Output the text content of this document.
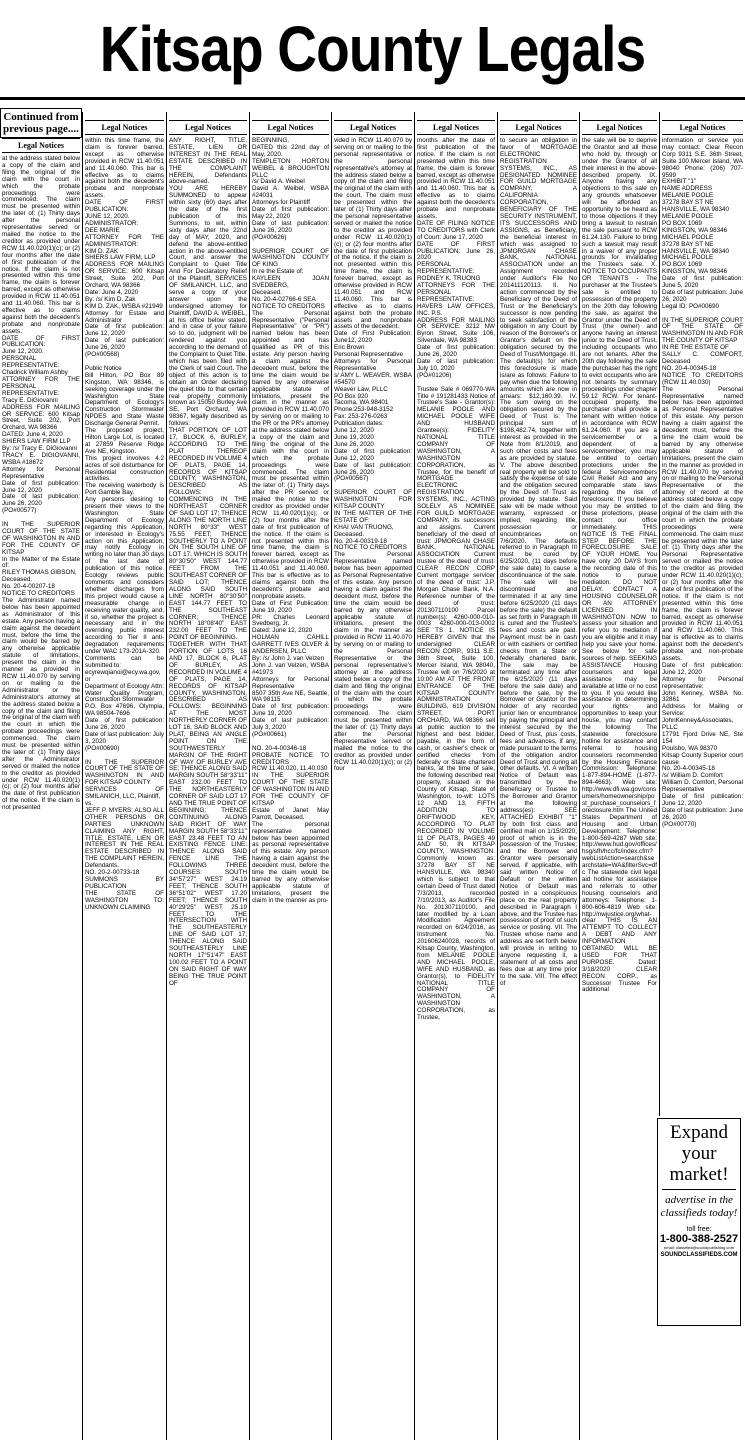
Kitsap County Legals
Legal Notices
at the address stated below a copy of the claim and filing the original of the claim with the court in which the probate proceedings were commenced. The claim must be presented within the later of: (1) Thirty days after the personal representative served or mailed the notice to the creditor as provided under RCW 11.40.020(1)(c); or (2) four months after the date of first publication of the notice. If the claim is not presented within this time frame, the claim is forever barred, except as otherwise provided in RCW 11.40.051 and 11.40.060. This bar is effective as to claims against both the decedent's probate and nonprobate assets.
DATE OF FIRST PUBLICATION:
June 12, 2020.
PERSONAL REPRESENTATIVE:
Chadrick William Ashby
ATTORNEY FOR THE PERSONAL REPRESENTATIVE:
Tracy E. DiGiovanni
ADDRESS FOR MAILING OR SERVICE: 600 Kitsap Street, Suite 202, Port Orchard, WA 98366
DATED: June 4, 2020
SHIERS LAW FIRM LLP
By: /s/ Tracy E. DiGiovanni
TRACY E. DIGIOVANNI, WSBA #18672
Attorney for Personal Representative
Date of first publication: June 12, 2020
Date of last publication: June 26, 2020
(PO#00577)

IN THE SUPERIOR COURT OF THE STATE OF WASHINGTON IN AND FOR THE COUNTY OF KITSAP
In the Matter of the Estate of:
RILEY THOMAS GIBSON,
Deceased.
No. 20-4-00207-18
NOTICE TO CREDITORS
The Administrator named below has been appointed as Administrator of this estate. Any person having a claim against the decedent must, before the time the claim would be barred by any otherwise applicable statute of limitations, present the claim in the manner as provided in RCW 11.40.070 by serving on or mailing to the Administrator or the Administrator's attorney at the address stated below a copy of the claim and filing the original of the claim with the court in which the probate proceedings were commenced. The claim must be presented within the later of: (1) Thirty days after the Administrator served or mailed the notice to the creditor as provided under RCW 11.40.020(1)(c); or (2) four months after the date of first publication of the notice. If the claim is not presented
Legal Notices
within this time frame, the claim is forever barred, except as otherwise provided in RCW 11.40.051 and 11.40.060. This bar is effective as to claims against both the decedent's probate and nonprobate assets.
DATE OF FIRST PUBLICATION:
JUNE 12, 2020.
ADMINISTRATOR:
DEE MARIE
ATTORNEY FOR THE ADMINISTRATOR:
KIM D. ZAK
SHIERS LAW FIRM, LLP
ADDRESS FOR MAILING OR SERVICE: 600 Kitsap Street, Suite 202, Port Orchard, WA 98366
Date: June 4, 2020
By: /s/ Kim D. Zak
KIM D. ZAK, WSBA #21949
Attorney for Estate and Administrator
Date of first publication: June 12, 2020
Date of last publication: June 26, 2020
(PO#00568)

Public Notice
Bill Hilton, PO Box 89 Kingston, WA 98346, is seeking coverage under the Washington State Department of Ecology's Construction Stormwater NPDES and State Waste Discharge General Permit.
The proposed project, Hilton Large Lot, is located at 27859 Reserve Ridge Ave NE, Kingston.
This project involves 4.2 acres of soil disturbance for Residential construction activities.
The receiving waterbody is Port Gamble Bay.
Any persons desiring to present their views to the Washington State Department of Ecology regarding this Application, or interested in Ecology's action on this Application, may notify Ecology in writing no later than 30 days of the last date of publication of this notice. Ecology reviews public comments and considers whether discharges from this project would cause a measurable change in receiving water quality, and, if so, whether the project is necessary and in the overriding public interest according to Tier II anti-degradation requirements under WAC 173-201A-320.
Comments can be submitted to:
ecyrewqianoi@ecy.wa.gov, or
Department of Ecology Attn: Water Quality Program, Construction Stormwater
P.O. Box 47696, Olympia, WA 98504-7696
Date of first publication: June 26, 2020
Date of last publication: July 3, 2020
(PO#00690)

IN THE SUPERIOR COURT OF THE STATE OF WASHINGTON IN AND FOR KITSAP COUNTY
SERVICES OF SMILANICH, LLC, Plaintiff,
vs.
JEFF P. MYERS; ALSO ALL OTHER PERSONS OR PARTIES UNKNOWN CLAIMING ANY RIGHT, TITLE, ESTATE, LIEN OR INTEREST IN THE REAL ESTATE DESCRIBED IN THE COMPLAINT HEREIN, Defendants.
NO. 20-2-00733-18
SUMMONS BY PUBLICATION
THE STATE OF WASHINGTON TO: UNKNOWN CLAIMING
Legal Notices
ANY RIGHT, TITLE, ESTATE, LIEN OR INTEREST IN THE REAL ESTATE DESCRIBED IN THE COMPLAINT HEREIN, Defendants above-named.
YOU ARE HEREBY SUMMONED to appear within sixty (60) days after the date of the first publication of this Summons, to wit, within sixty days after the 22nd day of MAY, 2020, and defend the above-entitled action in the above-entitled Court, and answer the Complaint to Quiet Title And For Declaratory Relief of the Plaintiff, SERVICES OF SMILANICH, LLC, and serve a copy of your answer upon the undersigned attorney for Plaintiff, DAVID A. WEIBEL, at his office below stated; and in case of your failure so to do, judgment will be rendered against you according to the demand of the Complaint to Quiet Title, which has been filed with the Clerk of said Court. The object of this action is to obtain an Order declaring the quiet title to that certain real property commonly known as 15050 Burley Ave SE, Port Orchard, WA 98367, legally described as follows:
THAT PORTION OF LOT 17, BLOCK 6, BURLEY, ACCORDING TO THE PLAT THEREOF RECORDED IN VOLUME 4 OF PLATS, PAGE 14, RECORDS OF KITSAP COUNTY, WASHINGTON, DESCRIBED AS FOLLOWS: COMMENCING IN THE NORTHEAST CORNER OF SAID LOT 17; THENCE ALONG THE NORTH LINE NORTH 80°33'' WEST 75.55 FEET; THENCE SOUTHERLY TO A POINT ON THE SOUTH LINE OF LOT 17, WHICH IS SOUTH 80°30'50'' WEST 144.77 FEET FROM THE SOUTHEAST CORNER OF SAID LOT; THENCE ALONG SAID SOUTH LINE NORTH 80°30'50'' EAST 144.77 FEET TO THE SOUTHEAST CORNER; THENCE NORTH 18°08'40'' EAST 232.00 FEET TO THE POINT OF BEGINNING.
TOGETHER WITH THAT PORTION OF LOTS 16 AND 17, BLOCK 6, PLAT OF BURLEY, AS RECORDED IN VOLUME 4 OF PLATS, PAGE 14, RECORDS OF KITSAP COUNTY, WASHINGTON, DESCRIBED AS FOLLOWS: BEGINNING AT THE MOST NORTHERLY CORNER OF LOT 16, SAID BLOCK AND PLAT, BEING AN ANGLE POINT ON THE SOUTHWESTERLY MARGIN OF THE RIGHT OF WAY OF BURLEY AVE SE; THENCE ALONG SAID MARGIN SOUTH 58°33'11'' EAST 232.00 FEET TO THE NORTHEASTERLY CORNER OF SAID LOT 17 AND THE TRUE POINT OF BEGINNING; THENCE CONTINUING ALONG SAID RIGHT OF WAY MARGIN SOUTH 58°33'11'' EAST 23.48 FEET TO AN EXISTING FENCE LINE; THENCE ALONG SAID FENCE LINE THE FOLLOWING THREE COURSES: SOUTH 34°57'27'' WEST 24.19 FEET; THENCE SOUTH 36°51'02'' WEST 17.20 FEET; THENCE SOUTH 40°29'25'' WEST 25.19 FEET TO THE INTERSECTION WITH THE SOUTHEASTERLY LINE OF SAID LOT 17; THENCE ALONG SAID SOUTHEASTERLY LINE NORTH 17°51'47'' EAST 100.02 FEET TO A POINT ON SAID RIGHT OF WAY BEING THE TRUE POINT OF
Legal Notices
BEGINNING.
DATED this 22nd day of May, 2020.
TEMPLETON HORTON WEIBEL & BROUGHTON PLLC
/s/ David A. Weibel
David A. Weibel, WSBA #24031
Attorneys for Plaintiff
Date of first publication: May 22, 2020
Date of last publication: June 26, 2020
(PO#00626)

SUPERIOR COURT OF WASHINGTON COUNTY OF KING
In re the Estate of:
KAYLEEN JOAN SVEDBERG,
Deceased.
No. 20-4-02766-6 SEA
NOTICE TO CREDITORS
The Personal Representative ("Personal Representative" or "PR") named below has been appointed and has qualified as PR of this estate. Any person having a claim against the decedent must, before the time the claim would be barred by any otherwise applicable statute of limitations, present the claim in the manner as provided in RCW 11.40.070 by serving on or mailing to the PR or the PR's attorney at the address stated below a copy of the claim and filing the original of the claim with the court in which the probate proceedings were commenced. The claim must be presented within the later of: (1) Thirty days after the PR served or mailed the notice to the creditor as provided under RCW 11.40.020(1)(c); or (2) four months after the date of first publication of the notice. If the claim is not presented within this time frame, the claim is forever barred, except as otherwise provided in RCW 11.40.051 and 11.40.060. This bar is effective as to claims against both the decedent's probate and nonprobate assets.
Date of First Publication: June 19, 2020
PR: Charles Leonard Svedberg, Jr.
Dated: June 12, 2020
HOLMAN CAHILL GARRETT IVES OLVER & ANDERSEN, PLLC
By: /s/ John J. van Velzen
John J. van Velzen, WSBA #41973
Attorneys for Personal Representative
8507 35th Ave NE, Seattle, WA 98115
Date of first publication: June 19, 2020
Date of last publication: July 3, 2020
(PO#00661)

NO. 20-4-00346-18
PROBATE NOTICE TO CREDITORS
RCW 11.40.020, 11.40.030
IN THE SUPERIOR COURT OF THE STATE OF WASHINGTON IN AND FOR THE COUNTY OF KITSAP
Estate of Janet May Parrott, Deceased.
The personal representative named below has been appointed as personal representative of this estate. Any person having a claim against the decedent must, before the time the claim would be barred by any otherwise applicable statute of limitations, present the claim in the manner as pro-
Legal Notices
vided in RCW 11.40.070 by serving on or mailing to the personal representative or the personal representative's attorney at the address stated below a copy of the claim and filing the original of the claim with the court. The claim must be presented within the later of (1) Thirty days after the personal representative served or mailed the notice to the creditor as provided under RCW 11.40.020(1)(c); or (2) four months after the date of first publication of the notice. If the claim is not presented within this time frame, the claim is forever barred, except as otherwise provided in RCW 11.40.051 and RCW 11.40.060. This bar is effective as to claims against both the probate assets and nonprobate assets of the decedent.
Date of First Publication: June12, 2020
Eric Brown
Personal Representative
Attorneys for Personal Representative
s/ AMY L. WEAVER, WSBA #54570
Weaver Law, PLLC
PO Box 920
Tacoma, WA 98401
Phone:253-948-3152
Fax: 253-276-0263
Publication dates:
June 12, 2020
June 19, 2020
June 26, 2020
Date of first publication: June 12, 2020
Date of last publication: June 26, 2020
(PO#00567)

SUPERIOR COURT OF WASHINGTON FOR KITSAP COUNTY
IN THE MATTER OF THE ESTATE OF:
KHAI VAN TRUONG,
Deceased.
No. 20-4-00319-18
NOTICE TO CREDITORS
The Personal Representative named below has been appointed as Personal Representative of this estate. Any person having a claim against the decedent must, before the time the claim would be barred by any otherwise applicable statute of limitations, present the claim in the manner as provided in RCW 11.40.070 by serving on or mailing to the Personal Representative or the personal representative's attorney at the address stated below a copy of the claim and filing the original of the claim with the court in which the probate proceedings were commenced. The claim must be presented within the later of: (1) Thirty days after the Personal Representative served or mailed the notice to the creditor as provided under RCW 11.40.020(1)(c); or (2) four
Legal Notices
months after the date of first publication of the notice. If the claim is not presented within this time frame, the claim is forever barred, except as otherwise provided in RCW 11.40.051 and 11.40.060. This bar is effective as to claims against both the decedent's probate and nonprobate assets.
DATE OF FILING NOTICE TO CREDITORS with Clerk of Court: June 17, 2020
DATE OF FIRST PUBLICATION: June 26, 2020
PERSONAL REPRESENTATIVE:
RODNEY K. TRUONG
ATTORNEYS FOR THE PERSONAL REPRESENTATIVE: HAVERS LAW OFFICES, INC. P.S.
ADDRESS FOR MAILING OR SERVICE: 3212 NW Byron Street, Suite 106, Silverdale, WA 98383
Date of first publication: June 26, 2020
Date of last publication: July 10, 2020
(PO#01206)

Trustee Sale # 069770-WA Title # 191281433 Notice of Trustee's Sale - Grantor(s): MELANIE POOLE AND MICHAEL POOLE WIFE AND HUSBAND Grantee(s): FIDELITY NATIONAL TITLE COMPANY OF WASHINGTON, A WASHINGTON CORPORATION, as Trustee, for the benefit of MORTGAGE ELECTRONIC REGISTRATION SYSTEMS, INC., ACTING SOLELY AS NOMINEE FOR GUILD MORTGAGE COMPANY, its successors and assigns. Current beneficiary of the deed of trust: JPMORGAN CHASE BANK, NATIONAL ASSOCIATION Current trustee of the deed of trust: CLEAR RECON CORP Current mortgage servicer of the deed of trust: J.P. Morgan Chase Bank, N.A. Reference number of the deed of trust: 201307110100 Parcel number(s): 4260-000-010-0003 4260-000-013-0002 SEE TS 1. NOTICE IS HEREBY GIVEN that the undersigned CLEAR RECON CORP., 9311 S.E. 36th Street, Suite 100, Mercer Island, WA 98040, Trustee will on 7/6/2020 at 10:00 AM AT THE FRONT ENTRANCE OF THE KITSAP COUNTY ADMINISTRATION BUILDING, 619 DIVISION STREET, PORT ORCHARD, WA 98366 sell at public auction to the highest and best bidder, payable, in the form of cash, or cashier's check or certified checks from federally or State chartered banks, at the time of sale, the following described real property, situated in the County of Kitsap, State of Washington, to-wit: LOTS 12 AND 13, FIFTH ADDITION TO DRIFTWOOD KEY, ACCORDING TO PLAT RECORDED IN VOLUME 11 OF PLATS, PAGES 49 AND 50, IN KITSAP COUNTY, WASHINGTON. Commonly known as: 37278 BAY ST NE HANSVILLE, WA 98340 which is subject to that certain Deed of Trust dated 7/3/2013, recorded 7/10/2013, as Auditor's File No. 201307110100, and later modified by a Loan Modification Agreement recorded on 6/24/2016, as Instrument No. 201606240028, records of Kitsap County, Washington, from MELANIE POOLE AND MICHAEL POOLE, WIFE AND HUSBAND, as Grantor(s), to FIDELITY NATIONAL TITLE COMPANY OF WASHINGTON, A WASHINGTON CORPORATION, as Trustee,
Legal Notices
to secure an obligation in favor of MORTGAGE ELECTRONIC REGISTRATION SYSTEMS, INC., AS DESIGNATED NOMINEE FOR GUILD MORTGAGE COMPANY, A CALIFORNIA CORPORATION, BENEFICIARY OF THE SECURITY INSTRUMENT, ITS SUCCESSORS AND ASSIGNS, as Beneficiary, the beneficial interest in which was assigned to JPMORGAN CHASE BANK, NATIONAL ASSOCIATION under an Assignment recorded under Auditor's File No 201411120113. II. No action commenced by the Beneficiary of the Deed of Trust or the Beneficiary's successor is now pending to seek satisfaction of the obligation in any Court by reason of the Borrower's or Grantor's default on the obligation secured by the Deed of Trust/Mortgage. III. The default(s) for which this foreclosure is made is/are as follows: Failure to pay when due the following amounts which are now in arrears: $12,160.39. IV. The sum owing on the obligation secured by the Deed of Trust is: The principal sum of $198,482.74, together with interest as provided in the Note from 8/1/2019, and such other costs and fees as are provided by statute. V. The above described real property will be sold to satisfy the expense of sale and the obligation secured by the Deed of Trust as provided by statute. Said sale will be made without warranty, expressed or implied, regarding title, possession or encumbrances on 7/6/2020. The defaults referred to in Paragraph III must be cured by 6/25/2020, (11 days before the sale date) to cause a discontinuance of the sale. The sale will be discontinued and terminated if at any time before 6/25/2020 (11 days before the sale) the default as set forth in Paragraph III is cured and the Trustee's fees and costs are paid. Payment must be in cash or with cashiers or certified checks from a State or federally chartered bank. The sale may be terminated any time after the 6/25/2020 (11 days before the sale date) and before the sale, by the Borrower or Grantor or the holder of any recorded junior lien or encumbrance by paying the principal and interest secured by the Deed of Trust, plus costs, fees and advances, if any, made pursuant to the terms of the obligation and/or Deed of Trust and curing all other defaults. VI. A written Notice of Default was transmitted by the Beneficiary or Trustee to the Borrower and Grantor at the following address(es): SEE ATTACHED EXHIBIT "1" by both first class and certified mail on 1/15/2020, proof of which is in the possession of the Trustee; and the Borrower and Grantor were personally served, if applicable, with said written Notice of Default or the written Notice of Default was posted in a conspicuous place on the real property described in Paragraph I above, and the Trustee has possession of proof of such service or posting. VII. The Trustee whose name and address are set forth below will provide in writing to anyone requesting it, a statement of all costs and fees due at any time prior to the sale. VIII. The effect of
Legal Notices
the sale will be to deprive the Grantor and all those who hold by, through or under the Grantor of all their interest in the above-described property. IX. Anyone having any objections to this sale on any grounds whatsoever will be afforded an opportunity to be heard as to those objections if they bring a lawsuit to restrain the sale pursuant to RCW 61.24.130. Failure to bring such a lawsuit may result in a waiver of any proper grounds for invalidating the Trustee's sale. X. NOTICE TO OCCUPANTS OR TENANTS - The purchaser at the Trustee's sale is entitled to possession of the property on the 20th day following the sale, as against the Grantor under the Deed of Trust (the owner) and anyone having an interest junior to the Deed of Trust, including occupants who are not tenants. After the 20th day following the sale the purchaser has the right to evict occupants who are not tenants by summary proceedings under chapter 59.12 RCW. For tenant-occupied property, the purchaser shall provide a tenant with written notice in accordance with RCW 61.24.060. If you are a servicemember or a dependent of a servicemember, you may be entitled to certain protections under the federal Servicemembers Civil Relief Act and any comparable state laws regarding the risk of foreclosure. If you believe you may be entitled to these protections, please contact our office immediately. THIS NOTICE IS THE FINAL STEP BEFORE THE FORECLOSURE SALE OF YOUR HOME. You have only 20 DAYS from the recording date of this notice to pursue mediation. DO NOT DELAY. CONTACT A HOUSING COUNSELOR OR AN ATTORNEY LICENSED IN WASHINGTON NOW to assess your situation and refer you to mediation if you are eligible and it may help you save your home. See below for safe sources of help. SEEKING ASSISTANCE Housing counselors and legal assistance may be available at little or no cost to you. If you would like assistance in determining your rights and opportunities to keep your house, you may contact the following: The statewide foreclosure hotline for assistance and referral to housing counselors recommended by the Housing Finance Commission: Telephone: 1-877-894-HOME (1-877-894-4663). Web site: http://www.dfi.wa.gov/consumers/homeownership/post_purchase_counselors_foreclosure.htm The United States Department of Housing and Urban Development: Telephone: 1-800-569-4287 Web site: http://www.hud.gov/offices/hsg/sfh/hcc/fc/index.cfm?webListAction=search&searchstate=WA&filterSvc=dfc The statewide civil legal aid hotline for assistance and referrals to other housing counselors and attorneys: Telephone: 1-800-606-4819 Web site: http://nwjustice.org/what-clear THIS IS AN ATTEMPT TO COLLECT A DEBT AND ANY INFORMATION OBTAINED WILL BE USED FOR THAT PURPOSE. Dated: 3/18/2020 CLEAR RECON CORP., as Successor Trustee For additional
Legal Notices
information or service you may contact: Clear Recon Corp 9311 S.E. 36th Street, Suite 100 Mercer Island, WA 98040 Phone: (206) 707-9599
EXHIBIT "1"
NAME ADDRESS
MELANIE POOLE
37278 BAY ST NE
HANSVILLE, WA 98340
MELANIE POOLE
PO BOX 1069
KINGSTON, WA 98346
MICHAEL POOLE
37278 BAY ST NE
HANSVILLE, WA 98340
MICHAEL POOLE
PO BOX 1069
KINGSTON, WA 98346
Date of first publication: June 5, 2020
Date of last publication: June 26, 2020
Legal ID: PO#00690

IN THE SUPERIOR COURT OF THE STATE OF WASHINGTON IN AND FOR THE COUNTY OF KITSAP
IN RE THE ESTATE OF
SALLY C. COMFORT, Deceased
NO. 20-4-00345-18
NOTICE TO CREDITORS (RCW 11.40.030)
The Personal Representative named below has been appointed as Personal Representative of this estate. Any person having a claim against the decedent must, before the time the claim would be barred by any otherwise applicable statute of limitations, present the claim in the manner as provided in RCW 11.40.070 by serving on or mailing to the Personal Representative or the attorney of record at the address stated below a copy of the claim and filing the original of the claim with the court in which the probate proceedings were commenced. The claim must be presented within the later of: (1) Thirty days after the Personal Representative served or mailed the notice to the creditor as provided under RCW 11.40.020(1)(c); or (2) four months after the date of first publication of the notice. If the claim is not presented within this time frame, the claim is forever barred, except as otherwise provided in RCW 11.40.051 and RCW 11.40.060. This bar is effective as to claims against both the decedent's probate and non-probate assets.
Date of first publication: June 12, 2020
Attorney for Personal representative:
John Kenney, WSBA No. 32861
Address for Mailing or Service:
JohnKenney&Associates, PLLC
17791 Fjord Drive NE, Ste 154
Poulsbo, WA 98370
Kitsap County Superior court cause
No. 20-4-00345-18
/s/ William D. Comfort
William D. Comfort, Personal Representative
Date of first publication: June 12, 2020
Date of last publication: June 26, 2020
(PO#00770)
Continued from
previous page....
Expand your market!
advertise in the classifieds today!
toll free:
1-800-388-2527
email: classified@soundpublishing.com
SOUNDCLASSIFIEDS.COM
